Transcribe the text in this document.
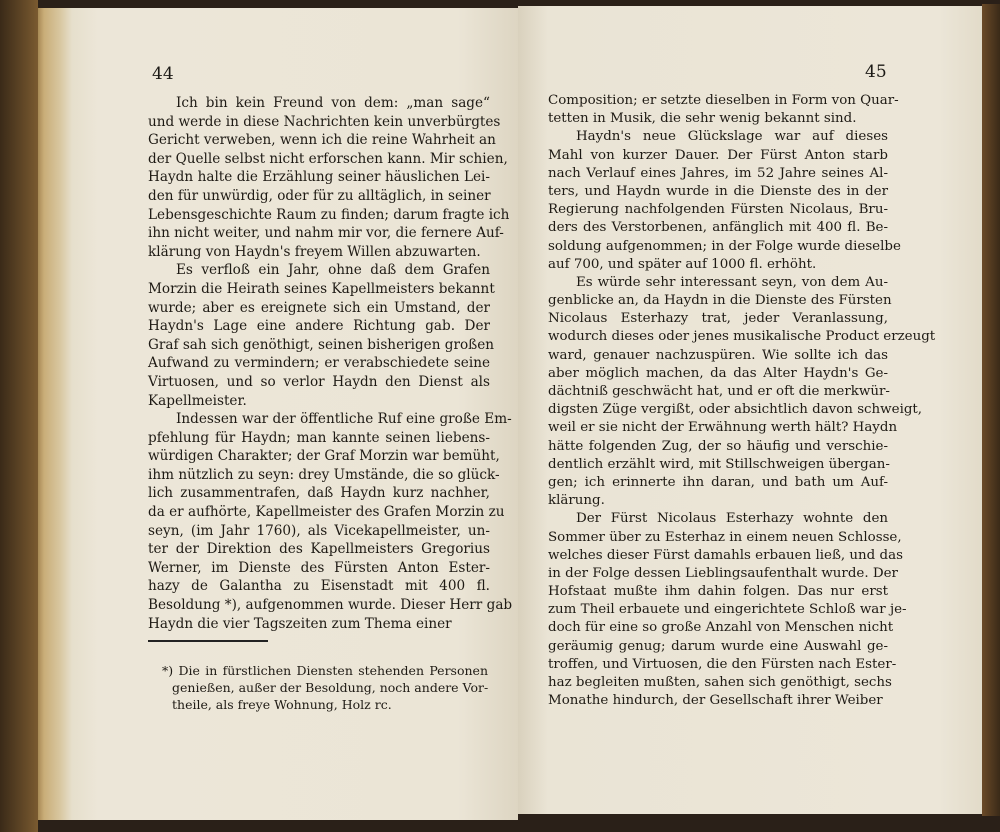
44	45
Ich bin kein Freund von dem: „man sage“
und werde in diese Nachrichten kein unverbürgtes
Gericht verweben, wenn ich die reine Wahrheit an
der Quelle selbst nicht erforschen kann. Mir schien,
Haydn halte die Erzählung seiner häuslichen Lei-
den für unwürdig, oder für zu alltäglich, in seiner
Lebensgeschichte Raum zu finden; darum fragte ich
ihn nicht weiter, und nahm mir vor, die fernere Auf-
klärung von Haydn's freyem Willen abzuwarten.
Es verfloß ein Jahr, ohne daß dem Grafen
Morzin die Heirath seines Kapellmeisters bekannt
wurde; aber es ereignete sich ein Umstand, der
Haydn's Lage eine andere Richtung gab. Der
Graf sah sich genöthigt, seinen bisherigen großen
Aufwand zu vermindern; er verabschiedete seine
Virtuosen, und so verlor Haydn den Dienst als
Kapellmeister.
Indessen war der öffentliche Ruf eine große Em-
pfehlung für Haydn; man kannte seinen liebens-
würdigen Charakter; der Graf Morzin war bemüht,
ihm nützlich zu seyn: drey Umstände, die so glück-
lich zusammentrafen, daß Haydn kurz nachher,
da er aufhörte, Kapellmeister des Grafen Morzin zu
seyn, (im Jahr 1760), als Vicekapellmeister, un-
ter der Direktion des Kapellmeisters Gregorius
Werner, im Dienste des Fürsten Anton Ester-
hazy de Galantha zu Eisenstadt mit 400 fl.
Besoldung *), aufgenommen wurde. Dieser Herr gab
Haydn die vier Tagszeiten zum Thema einer
*) Die in fürstlichen Diensten stehenden Personen
genießen, außer der Besoldung, noch andere Vor-
theile, als freye Wohnung, Holz rc.
Composition; er setzte dieselben in Form von Quar-
tetten in Musik, die sehr wenig bekannt sind.
Haydn's neue Glückslage war auf dieses
Mahl von kurzer Dauer. Der Fürst Anton starb
nach Verlauf eines Jahres, im 52 Jahre seines Al-
ters, und Haydn wurde in die Dienste des in der
Regierung nachfolgenden Fürsten Nicolaus, Bru-
ders des Verstorbenen, anfänglich mit 400 fl. Be-
soldung aufgenommen; in der Folge wurde dieselbe
auf 700, und später auf 1000 fl. erhöht.
Es würde sehr interessant seyn, von dem Au-
genblicke an, da Haydn in die Dienste des Fürsten
Nicolaus Esterhazy trat, jeder Veranlassung,
wodurch dieses oder jenes musikalische Product erzeugt
ward, genauer nachzuspüren. Wie sollte ich das
aber möglich machen, da das Alter Haydn's Ge-
dächtniß geschwächt hat, und er oft die merkwür-
digsten Züge vergißt, oder absichtlich davon schweigt,
weil er sie nicht der Erwähnung werth hält? Haydn
hätte folgenden Zug, der so häufig und verschie-
dentlich erzählt wird, mit Stillschweigen übergan-
gen; ich erinnerte ihn daran, und bath um Auf-
klärung.
Der Fürst Nicolaus Esterhazy wohnte den
Sommer über zu Esterhaz in einem neuen Schlosse,
welches dieser Fürst damahls erbauen ließ, und das
in der Folge dessen Lieblingsaufenthalt wurde. Der
Hofstaat mußte ihm dahin folgen. Das nur erst
zum Theil erbauete und eingerichtete Schloß war je-
doch für eine so große Anzahl von Menschen nicht
geräumig genug; darum wurde eine Auswahl ge-
troffen, und Virtuosen, die den Fürsten nach Ester-
haz begleiten mußten, sahen sich genöthigt, sechs
Monathe hindurch, der Gesellschaft ihrer Weiber
